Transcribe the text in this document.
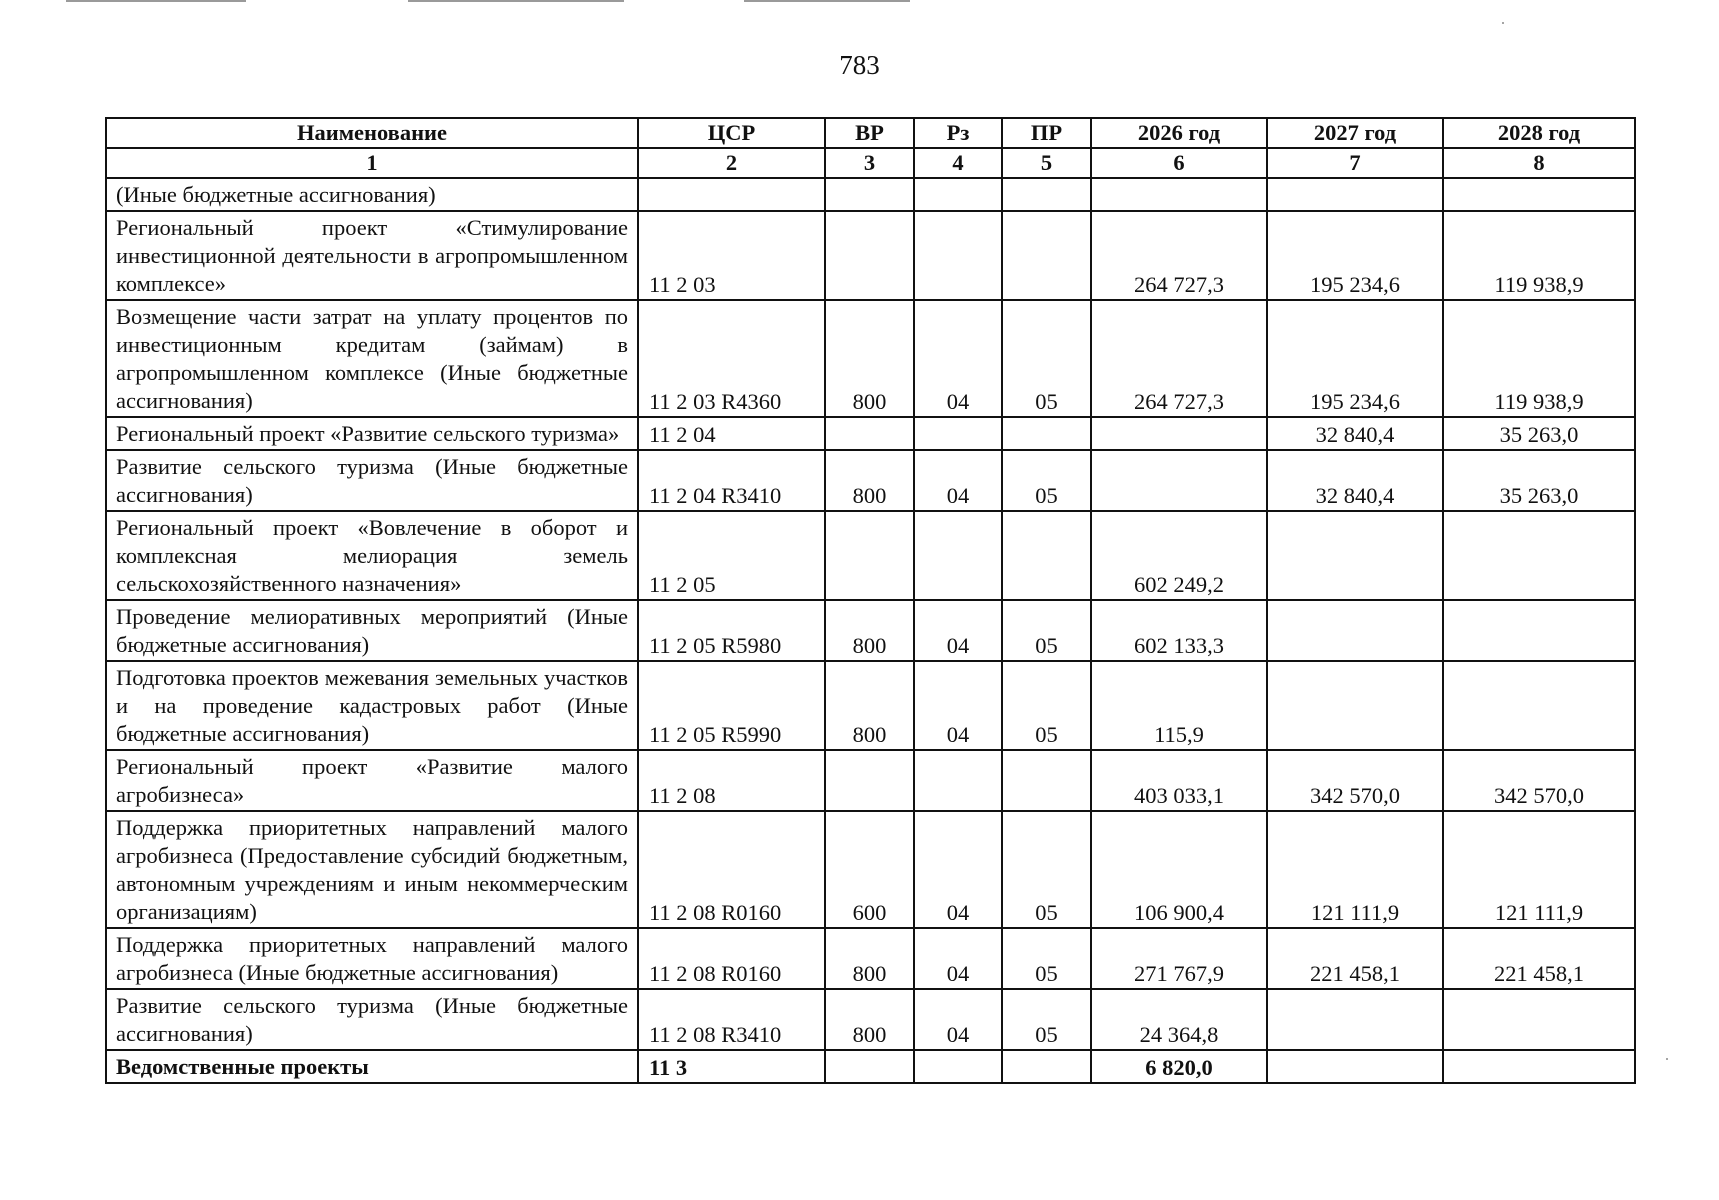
783
Наименование	ЦСР	ВР	Рз	ПР	2026 год	2027 год	2028 год
1	2	3	4	5	6	7	8
(Иные бюджетные ассигнования)							
Региональный проект «Стимулирование инвестиционной деятельности в агропромышленном комплексе»	11 2 03				264 727,3	195 234,6	119 938,9
Возмещение части затрат на уплату процентов по инвестиционным кредитам (займам) в агропромышленном комплексе (Иные бюджетные ассигнования)	11 2 03 R4360	800	04	05	264 727,3	195 234,6	119 938,9
Региональный проект «Развитие сельского туризма»	11 2 04					32 840,4	35 263,0
Развитие сельского туризма (Иные бюджетные ассигнования)	11 2 04 R3410	800	04	05		32 840,4	35 263,0
Региональный проект «Вовлечение в оборот и комплексная мелиорация земель сельскохозяйственного назначения»	11 2 05				602 249,2		
Проведение мелиоративных мероприятий (Иные бюджетные ассигнования)	11 2 05 R5980	800	04	05	602 133,3		
Подготовка проектов межевания земельных участков и на проведение кадастровых работ (Иные бюджетные ассигнования)	11 2 05 R5990	800	04	05	115,9		
Региональный проект «Развитие малого агробизнеса»	11 2 08				403 033,1	342 570,0	342 570,0
Поддержка приоритетных направлений малого агробизнеса (Предоставление субсидий бюджетным, автономным учреждениям и иным некоммерческим организациям)	11 2 08 R0160	600	04	05	106 900,4	121 111,9	121 111,9
Поддержка приоритетных направлений малого агробизнеса (Иные бюджетные ассигнования)	11 2 08 R0160	800	04	05	271 767,9	221 458,1	221 458,1
Развитие сельского туризма (Иные бюджетные ассигнования)	11 2 08 R3410	800	04	05	24 364,8		
Ведомственные проекты	11 3				6 820,0		
